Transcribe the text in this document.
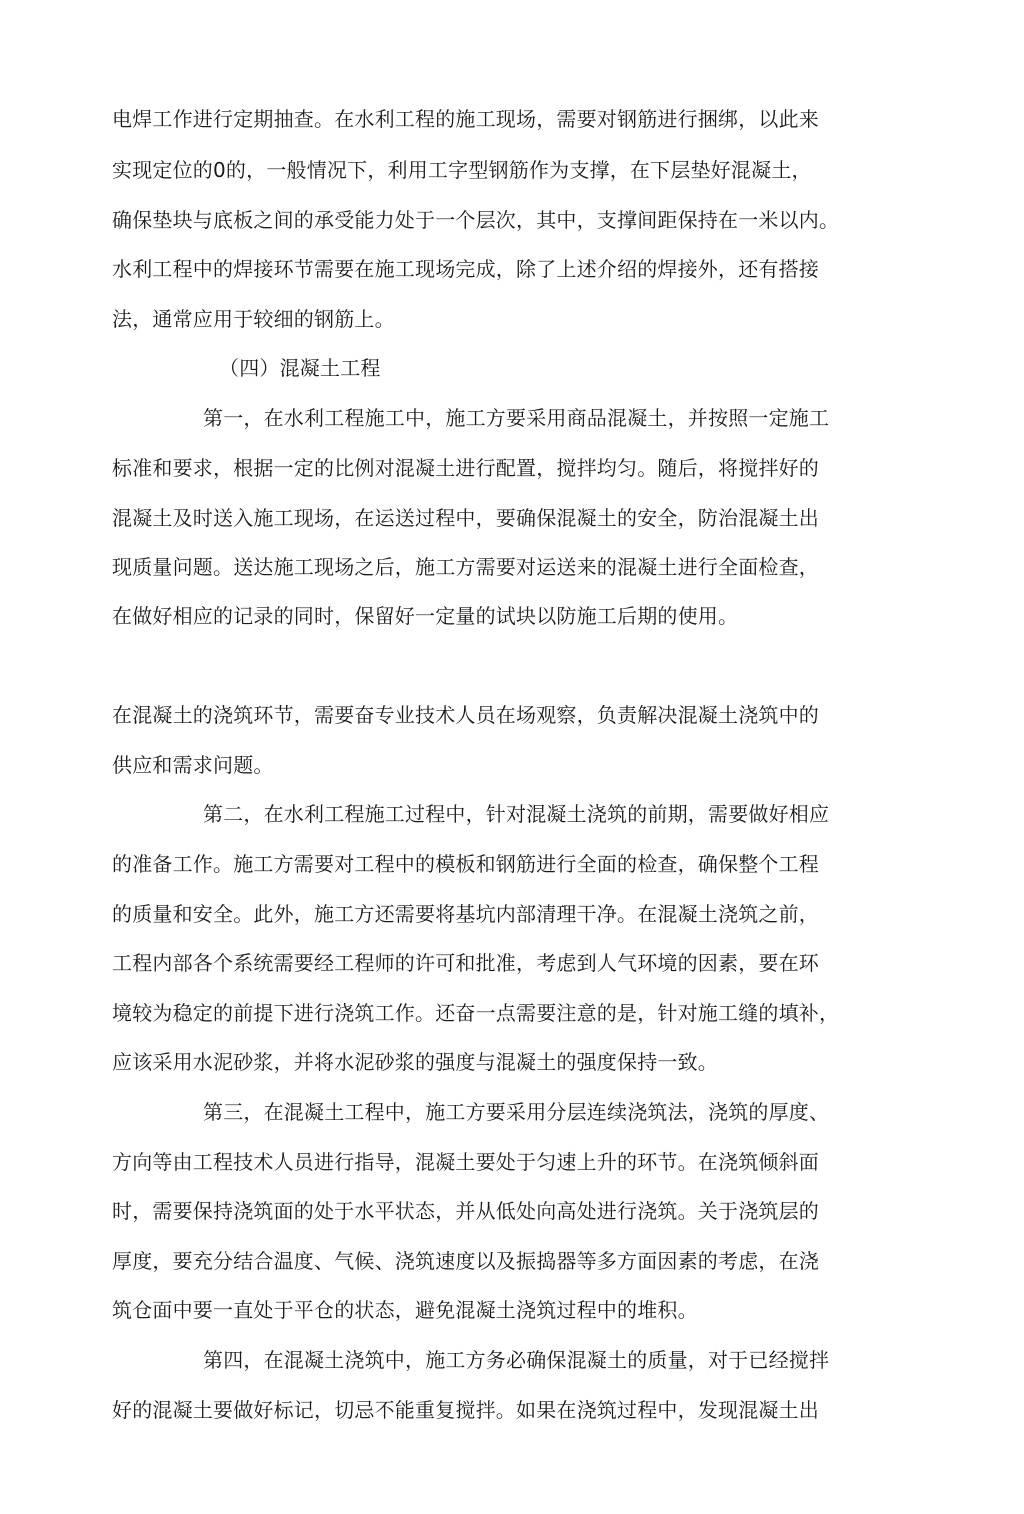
电焊工作进行定期抽查。在水利工程的施工现场，需要对钢筋进行捆绑，以此来
实现定位的0的，一般情况下，利用工字型钢筋作为支撑，在下层垫好混凝土，
确保垫块与底板之间的承受能力处于一个层次，其中，支撑间距保持在一米以内。
水利工程中的焊接环节需要在施工现场完成，除了上述介绍的焊接外，还有搭接
法，通常应用于较细的钢筋上。
（四）混凝土工程
第一，在水利工程施工中，施工方要采用商品混凝土，并按照一定施工
标准和要求，根据一定的比例对混凝土进行配置，搅拌均匀。随后，将搅拌好的
混凝土及时送入施工现场，在运送过程中，要确保混凝土的安全，防治混凝土出
现质量问题。送达施工现场之后，施工方需要对运送来的混凝土进行全面检查，
在做好相应的记录的同时，保留好一定量的试块以防施工后期的使用。
在混凝土的浇筑环节，需要奋专业技术人员在场观察，负责解决混凝土浇筑中的
供应和需求问题。
第二，在水利工程施工过程中，针对混凝土浇筑的前期，需要做好相应
的准备工作。施工方需要对工程中的模板和钢筋进行全面的检查，确保整个工程
的质量和安全。此外，施工方还需要将基坑内部清理干净。在混凝土浇筑之前，
工程内部各个系统需要经工程师的许可和批准，考虑到人气环境的因素，要在环
境较为稳定的前提下进行浇筑工作。还奋一点需要注意的是，针对施工缝的填补，
应该采用水泥砂浆，并将水泥砂浆的强度与混凝土的强度保持一致。
第三，在混凝土工程中，施工方要采用分层连续浇筑法，浇筑的厚度、
方向等由工程技术人员进行指导，混凝土要处于匀速上升的环节。在浇筑倾斜面
时，需要保持浇筑面的处于水平状态，并从低处向高处进行浇筑。关于浇筑层的
厚度，要充分结合温度、气候、浇筑速度以及振捣器等多方面因素的考虑，在浇
筑仓面中要一直处于平仓的状态，避免混凝土浇筑过程中的堆积。
第四，在混凝土浇筑中，施工方务必确保混凝土的质量，对于已经搅拌
好的混凝土要做好标记，切忌不能重复搅拌。如果在浇筑过程中，发现混凝土出
